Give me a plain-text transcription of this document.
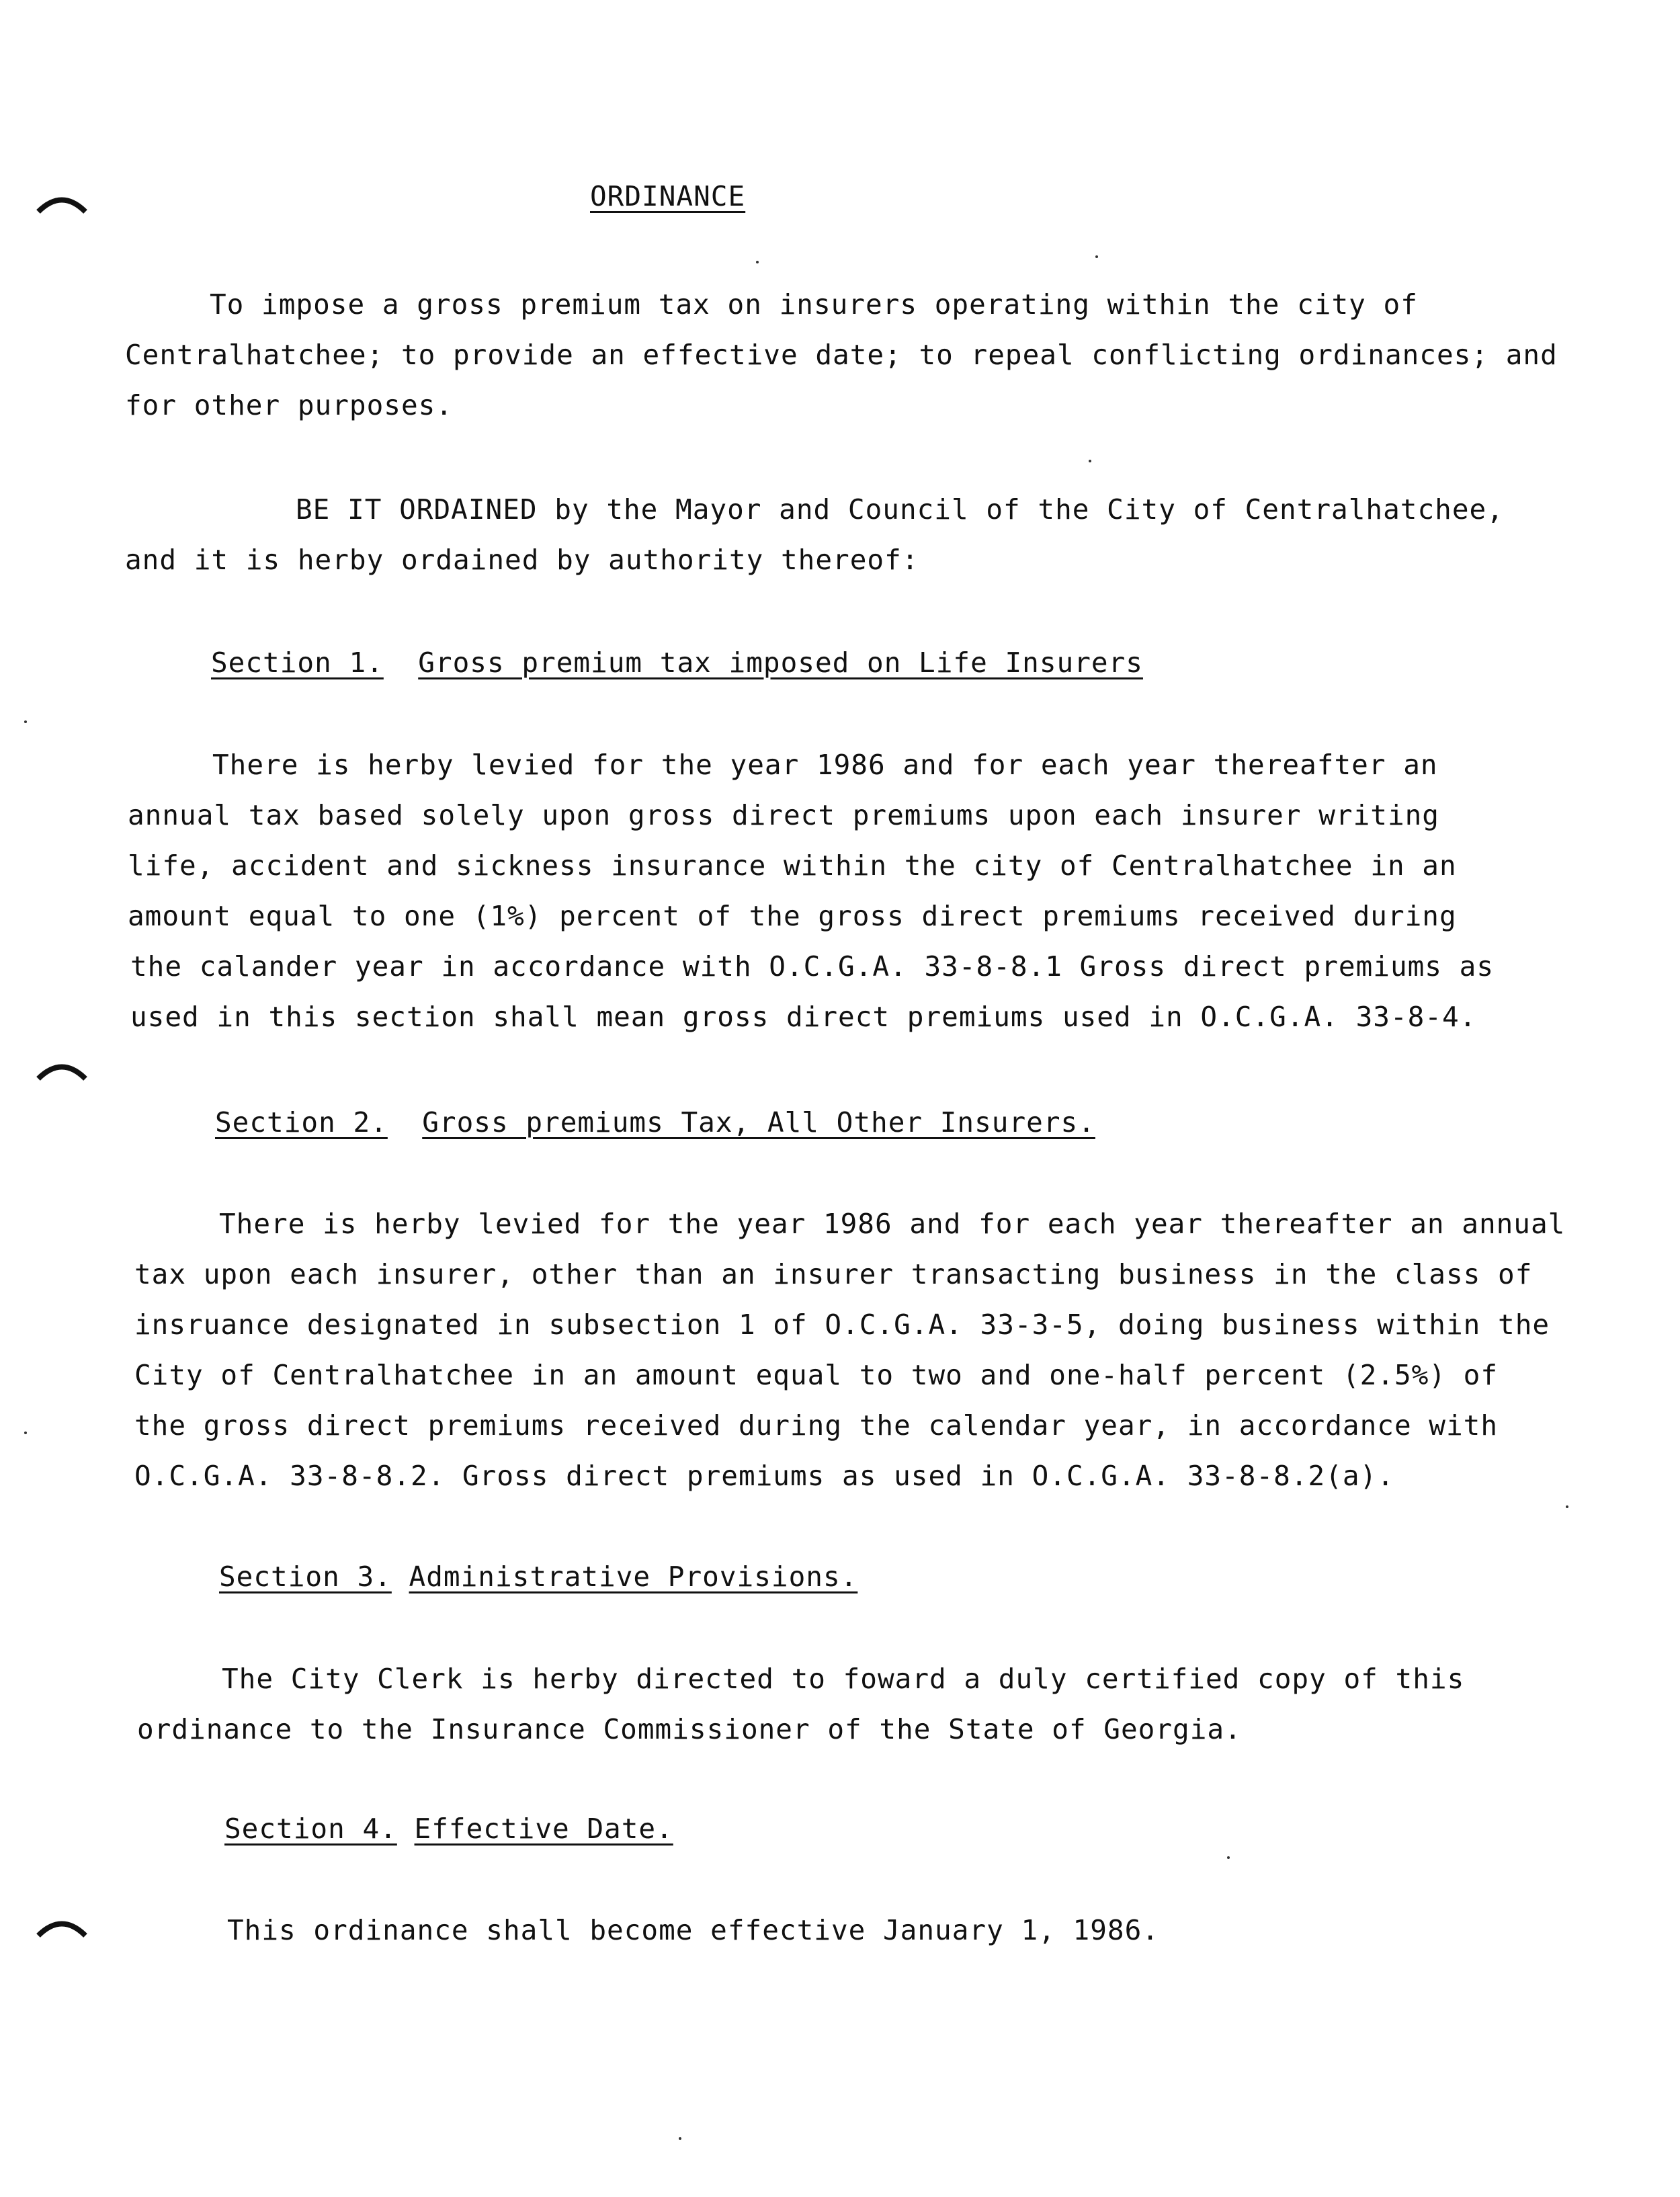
ORDINANCE

To impose a gross premium tax on insurers operating within the city of

Centralhatchee; to provide an effective date; to repeal conflicting ordinances; and

for other purposes.

BE IT ORDAINED by the Mayor and Council of the City of Centralhatchee,

and it is herby ordained by authority thereof:

Section 1. Gross premium tax imposed on Life Insurers

There is herby levied for the year 1986 and for each year thereafter an

annual tax based solely upon gross direct premiums upon each insurer writing

life, accident and sickness insurance within the city of Centralhatchee in an

amount equal to one (1%) percent of the gross direct premiums received during

the calander year in accordance with O.C.G.A. 33-8-8.1 Gross direct premiums as

used in this section shall mean gross direct premiums used in O.C.G.A. 33-8-4.

Section 2. Gross premiums Tax, All Other Insurers.

There is herby levied for the year 1986 and for each year thereafter an annual

tax upon each insurer, other than an insurer transacting business in the class of

insruance designated in subsection 1 of O.C.G.A. 33-3-5, doing business within the

City of Centralhatchee in an amount equal to two and one-half percent (2.5%) of

the gross direct premiums received during the calendar year, in accordance with

O.C.G.A. 33-8-8.2. Gross direct premiums as used in O.C.G.A. 33-8-8.2(a).

Section 3. Administrative Provisions.

The City Clerk is herby directed to foward a duly certified copy of this

ordinance to the Insurance Commissioner of the State of Georgia.

Section 4. Effective Date.

This ordinance shall become effective January 1, 1986.
